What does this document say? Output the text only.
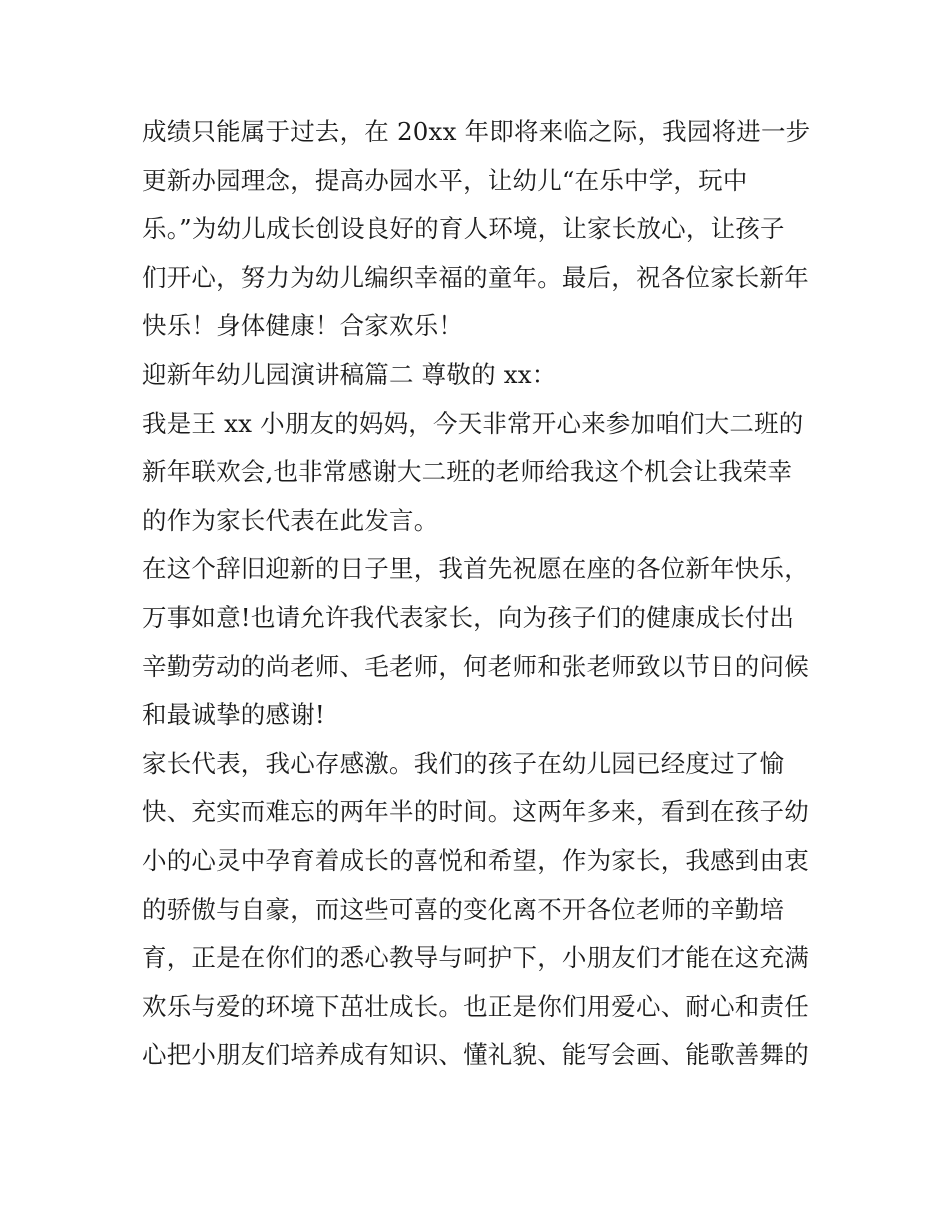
成绩只能属于过去，在 20xx 年即将来临之际，我园将进一步
更新办园理念，提高办园水平，让幼儿“在乐中学，玩中
乐。”为幼儿成长创设良好的育人环境，让家长放心，让孩子
们开心，努力为幼儿编织幸福的童年。最后，祝各位家长新年
快乐！身体健康！合家欢乐！
迎新年幼儿园演讲稿篇二 尊敬的 xx：
我是王 xx 小朋友的妈妈，今天非常开心来参加咱们大二班的
新年联欢会,也非常感谢大二班的老师给我这个机会让我荣幸
的作为家长代表在此发言。
在这个辞旧迎新的日子里，我首先祝愿在座的各位新年快乐，
万事如意!也请允许我代表家长，向为孩子们的健康成长付出
辛勤劳动的尚老师、毛老师，何老师和张老师致以节日的问候
和最诚挚的感谢!
家长代表，我心存感激。我们的孩子在幼儿园已经度过了愉
快、充实而难忘的两年半的时间。这两年多来，看到在孩子幼
小的心灵中孕育着成长的喜悦和希望，作为家长，我感到由衷
的骄傲与自豪，而这些可喜的变化离不开各位老师的辛勤培
育，正是在你们的悉心教导与呵护下，小朋友们才能在这充满
欢乐与爱的环境下茁壮成长。也正是你们用爱心、耐心和责任
心把小朋友们培养成有知识、懂礼貌、能写会画、能歌善舞的
